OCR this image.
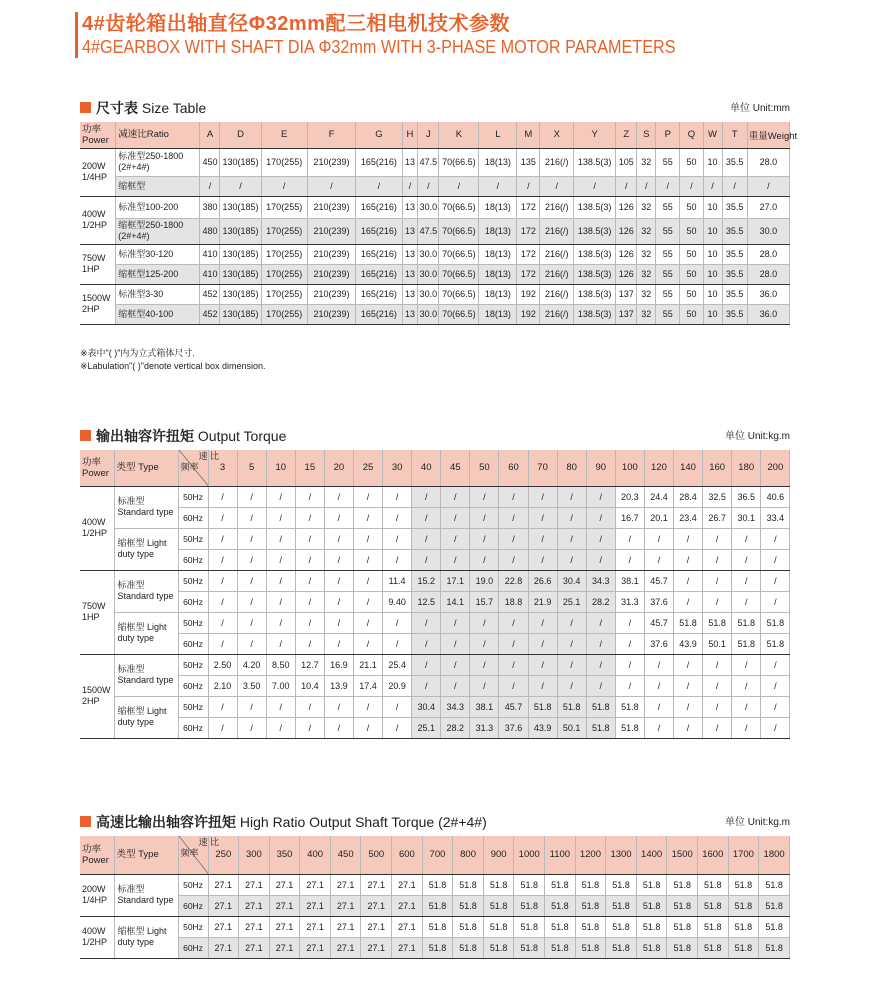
4#齿轮箱出轴直径Φ32mm配三相电机技术参数
4#GEARBOX WITH SHAFT DIA Φ32mm WITH 3-PHASE MOTOR PARAMETERS
尺寸表 Size Table	单位 Unit:mm
功率 Power	减速比Ratio	A	D	E	F	G	H	J	K	L	M	X	Y	Z	S	P	Q	W	T	重量Weight
200W 1/4HP	标准型250-1800 (2#+4#)	450	130(185)	170(255)	210(239)	165(216)	13	47.5	70(66.5)	18(13)	135	216(/)	138.5(3)	105	32	55	50	10	35.5	28.0
	缩框型	/	/	/	/	/	/	/	/	/	/	/	/	/	/	/	/	/	/	/
400W 1/2HP	标准型100-200	380	130(185)	170(255)	210(239)	165(216)	13	30.0	70(66.5)	18(13)	172	216(/)	138.5(3)	126	32	55	50	10	35.5	27.0
	缩框型250-1800 (2#+4#)	480	130(185)	170(255)	210(239)	165(216)	13	47.5	70(66.5)	18(13)	172	216(/)	138.5(3)	126	32	55	50	10	35.5	30.0
750W 1HP	标准型30-120	410	130(185)	170(255)	210(239)	165(216)	13	30.0	70(66.5)	18(13)	172	216(/)	138.5(3)	126	32	55	50	10	35.5	28.0
	缩框型125-200	410	130(185)	170(255)	210(239)	165(216)	13	30.0	70(66.5)	18(13)	172	216(/)	138.5(3)	126	32	55	50	10	35.5	28.0
1500W 2HP	标准型3-30	452	130(185)	170(255)	210(239)	165(216)	13	30.0	70(66.5)	18(13)	192	216(/)	138.5(3)	137	32	55	50	10	35.5	36.0
	缩框型40-100	452	130(185)	170(255)	210(239)	165(216)	13	30.0	70(66.5)	18(13)	192	216(/)	138.5(3)	137	32	55	50	10	35.5	36.0
※表中"( )"内为立式箱体尺寸.
※Labulation"( )"denote vertical box dimension.
输出轴容许扭矩 Output Torque	单位 Unit:kg.m
功率 Power	类型 Type	速 比
频率	3	5	10	15	20	25	30	40	45	50	60	70	80	90	100	120	140	160	180	200
400W 1/2HP	标准型 Standard type	50Hz	/	/	/	/	/	/	/	/	/	/	/	/	/	/	20.3	24.4	28.4	32.5	36.5	40.6
		60Hz	/	/	/	/	/	/	/	/	/	/	/	/	/	/	16.7	20.1	23.4	26.7	30.1	33.4
	缩框型 Light duty type	50Hz	/	/	/	/	/	/	/	/	/	/	/	/	/	/	/	/	/	/	/	/
		60Hz	/	/	/	/	/	/	/	/	/	/	/	/	/	/	/	/	/	/	/	/
750W 1HP	标准型 Standard type	50Hz	/	/	/	/	/	/	11.4	15.2	17.1	19.0	22.8	26.6	30.4	34.3	38.1	45.7	/	/	/	/
		60Hz	/	/	/	/	/	/	9.40	12.5	14.1	15.7	18.8	21.9	25.1	28.2	31.3	37.6	/	/	/	/
	缩框型 Light duty type	50Hz	/	/	/	/	/	/	/	/	/	/	/	/	/	/	/	45.7	51.8	51.8	51.8	51.8
		60Hz	/	/	/	/	/	/	/	/	/	/	/	/	/	/	/	37.6	43.9	50.1	51.8	51.8
1500W 2HP	标准型 Standard type	50Hz	2.50	4.20	8.50	12.7	16.9	21.1	25.4	/	/	/	/	/	/	/	/	/	/	/	/	/
		60Hz	2.10	3.50	7.00	10.4	13.9	17.4	20.9	/	/	/	/	/	/	/	/	/	/	/	/	/
	缩框型 Light duty type	50Hz	/	/	/	/	/	/	/	30.4	34.3	38.1	45.7	51.8	51.8	51.8	51.8	/	/	/	/	/
		60Hz	/	/	/	/	/	/	/	25.1	28.2	31.3	37.6	43.9	50.1	51.8	51.8	/	/	/	/	/
高速比输出轴容许扭矩 High Ratio Output Shaft Torque (2#+4#)	单位 Unit:kg.m
功率 Power	类型 Type	速 比
频率	250	300	350	400	450	500	600	700	800	900	1000	1100	1200	1300	1400	1500	1600	1700	1800
200W 1/4HP	标准型 Standard type	50Hz	27.1	27.1	27.1	27.1	27.1	27.1	27.1	51.8	51.8	51.8	51.8	51.8	51.8	51.8	51.8	51.8	51.8	51.8	51.8
		60Hz	27.1	27.1	27.1	27.1	27.1	27.1	27.1	51.8	51.8	51.8	51.8	51.8	51.8	51.8	51.8	51.8	51.8	51.8	51.8
400W 1/2HP	缩框型 Light duty type	50Hz	27.1	27.1	27.1	27.1	27.1	27.1	27.1	51.8	51.8	51.8	51.8	51.8	51.8	51.8	51.8	51.8	51.8	51.8	51.8
		60Hz	27.1	27.1	27.1	27.1	27.1	27.1	27.1	51.8	51.8	51.8	51.8	51.8	51.8	51.8	51.8	51.8	51.8	51.8	51.8
